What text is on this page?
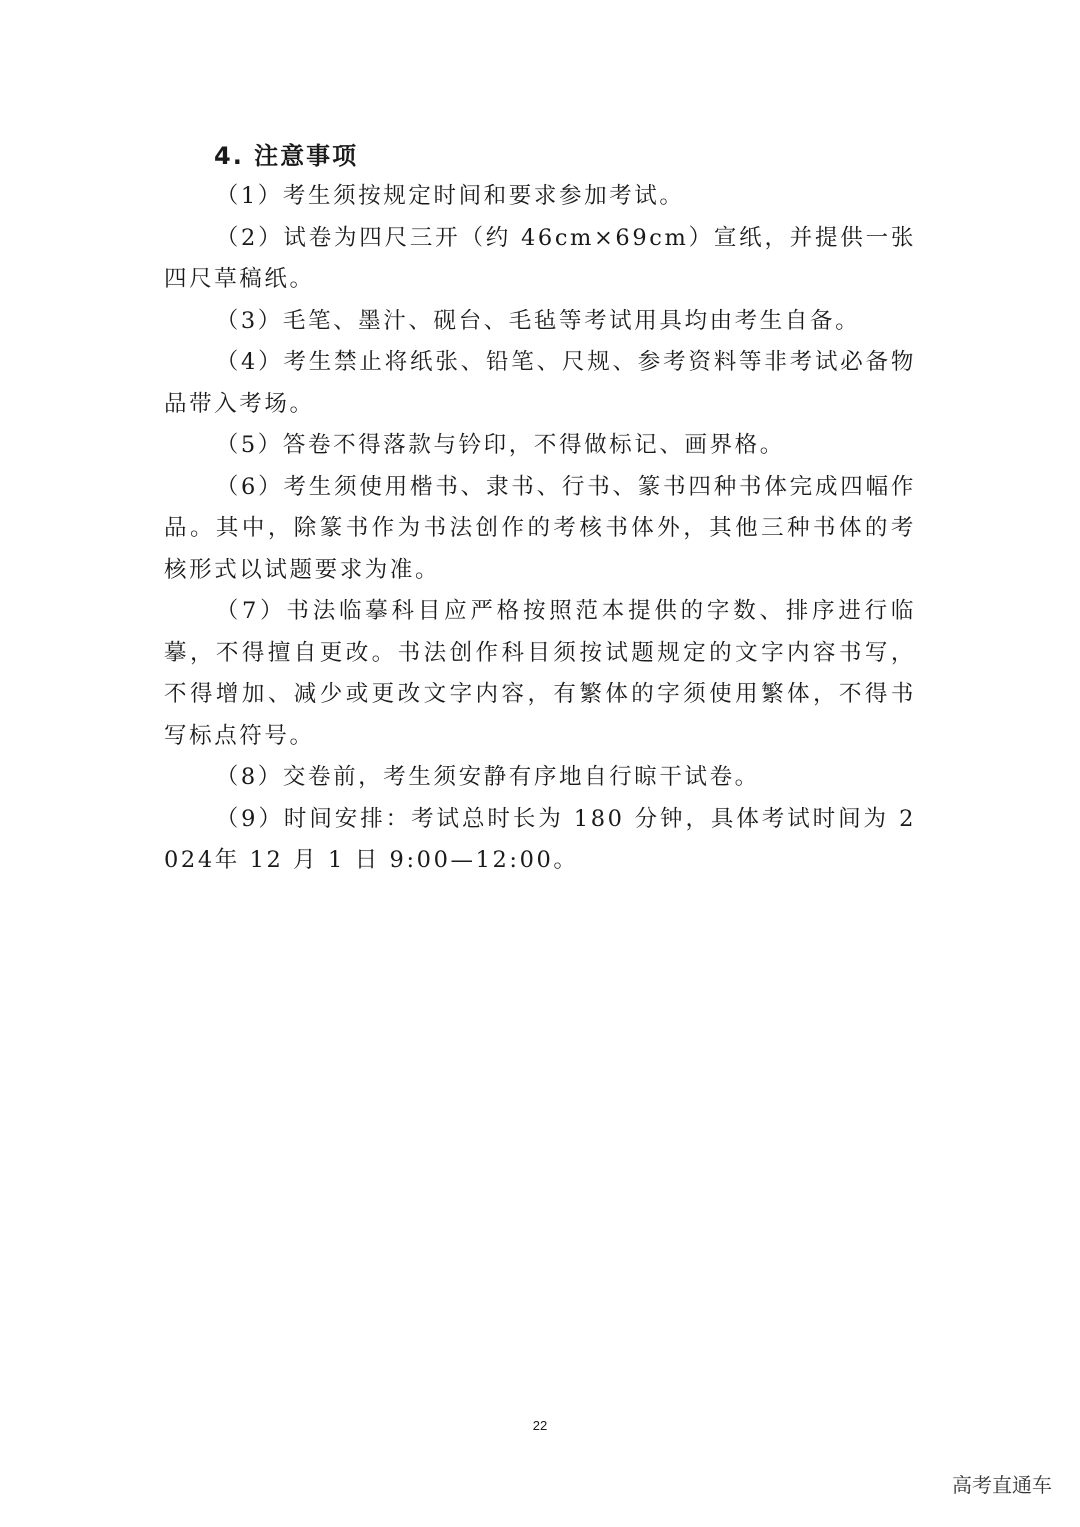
4. 注意事项

（1）考生须按规定时间和要求参加考试。

（2）试卷为四尺三开（约 46cm×69cm）宣纸，并提供一张四尺草稿纸。

（3）毛笔、墨汁、砚台、毛毡等考试用具均由考生自备。

（4）考生禁止将纸张、铅笔、尺规、参考资料等非考试必备物品带入考场。

（5）答卷不得落款与钤印，不得做标记、画界格。

（6）考生须使用楷书、隶书、行书、篆书四种书体完成四幅作品。其中，除篆书作为书法创作的考核书体外，其他三种书体的考核形式以试题要求为准。

（7）书法临摹科目应严格按照范本提供的字数、排序进行临摹，不得擅自更改。书法创作科目须按试题规定的文字内容书写，不得增加、减少或更改文字内容，有繁体的字须使用繁体，不得书写标点符号。

（8）交卷前，考生须安静有序地自行晾干试卷。

（9）时间安排：考试总时长为 180 分钟，具体考试时间为 2024年 12 月 1 日 9:00—12:00。

22
高考直通车
